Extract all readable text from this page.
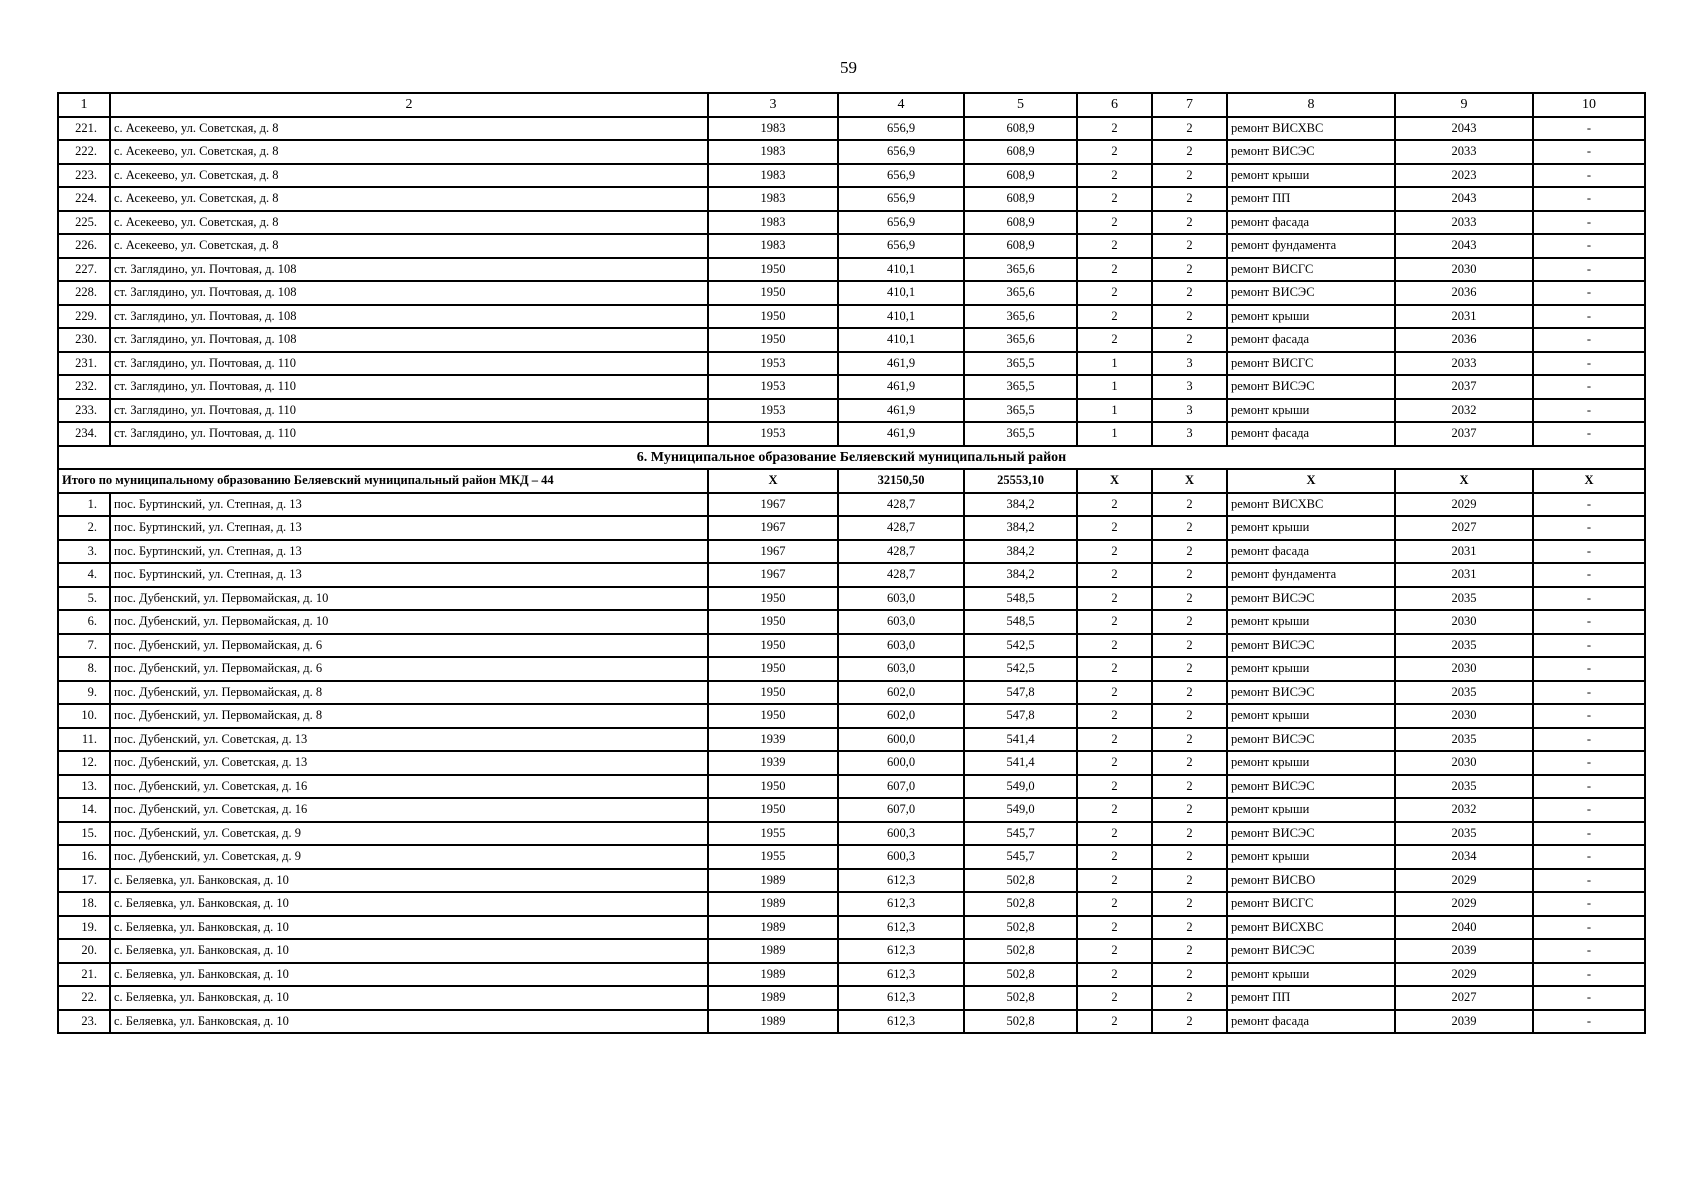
59
1	2	3	4	5	6	7	8	9	10
221.	с. Асекеево, ул. Советская, д. 8	1983	656,9	608,9	2	2	ремонт ВИСХВС	2043	-
222.	с. Асекеево, ул. Советская, д. 8	1983	656,9	608,9	2	2	ремонт ВИСЭС	2033	-
223.	с. Асекеево, ул. Советская, д. 8	1983	656,9	608,9	2	2	ремонт крыши	2023	-
224.	с. Асекеево, ул. Советская, д. 8	1983	656,9	608,9	2	2	ремонт ПП	2043	-
225.	с. Асекеево, ул. Советская, д. 8	1983	656,9	608,9	2	2	ремонт фасада	2033	-
226.	с. Асекеево, ул. Советская, д. 8	1983	656,9	608,9	2	2	ремонт фундамента	2043	-
227.	ст. Заглядино, ул. Почтовая, д. 108	1950	410,1	365,6	2	2	ремонт ВИСГС	2030	-
228.	ст. Заглядино, ул. Почтовая, д. 108	1950	410,1	365,6	2	2	ремонт ВИСЭС	2036	-
229.	ст. Заглядино, ул. Почтовая, д. 108	1950	410,1	365,6	2	2	ремонт крыши	2031	-
230.	ст. Заглядино, ул. Почтовая, д. 108	1950	410,1	365,6	2	2	ремонт фасада	2036	-
231.	ст. Заглядино, ул. Почтовая, д. 110	1953	461,9	365,5	1	3	ремонт ВИСГС	2033	-
232.	ст. Заглядино, ул. Почтовая, д. 110	1953	461,9	365,5	1	3	ремонт ВИСЭС	2037	-
233.	ст. Заглядино, ул. Почтовая, д. 110	1953	461,9	365,5	1	3	ремонт крыши	2032	-
234.	ст. Заглядино, ул. Почтовая, д. 110	1953	461,9	365,5	1	3	ремонт фасада	2037	-
6. Муниципальное образование Беляевский муниципальный район									
Итого по муниципальному образованию Беляевский муниципальный район МКД – 44		X	32150,50	25553,10	X	X	X	X	X
1.	пос. Буртинский, ул. Степная, д. 13	1967	428,7	384,2	2	2	ремонт ВИСХВС	2029	-
2.	пос. Буртинский, ул. Степная, д. 13	1967	428,7	384,2	2	2	ремонт крыши	2027	-
3.	пос. Буртинский, ул. Степная, д. 13	1967	428,7	384,2	2	2	ремонт фасада	2031	-
4.	пос. Буртинский, ул. Степная, д. 13	1967	428,7	384,2	2	2	ремонт фундамента	2031	-
5.	пос. Дубенский, ул. Первомайская, д. 10	1950	603,0	548,5	2	2	ремонт ВИСЭС	2035	-
6.	пос. Дубенский, ул. Первомайская, д. 10	1950	603,0	548,5	2	2	ремонт крыши	2030	-
7.	пос. Дубенский, ул. Первомайская, д. 6	1950	603,0	542,5	2	2	ремонт ВИСЭС	2035	-
8.	пос. Дубенский, ул. Первомайская, д. 6	1950	603,0	542,5	2	2	ремонт крыши	2030	-
9.	пос. Дубенский, ул. Первомайская, д. 8	1950	602,0	547,8	2	2	ремонт ВИСЭС	2035	-
10.	пос. Дубенский, ул. Первомайская, д. 8	1950	602,0	547,8	2	2	ремонт крыши	2030	-
11.	пос. Дубенский, ул. Советская, д. 13	1939	600,0	541,4	2	2	ремонт ВИСЭС	2035	-
12.	пос. Дубенский, ул. Советская, д. 13	1939	600,0	541,4	2	2	ремонт крыши	2030	-
13.	пос. Дубенский, ул. Советская, д. 16	1950	607,0	549,0	2	2	ремонт ВИСЭС	2035	-
14.	пос. Дубенский, ул. Советская, д. 16	1950	607,0	549,0	2	2	ремонт крыши	2032	-
15.	пос. Дубенский, ул. Советская, д. 9	1955	600,3	545,7	2	2	ремонт ВИСЭС	2035	-
16.	пос. Дубенский, ул. Советская, д. 9	1955	600,3	545,7	2	2	ремонт крыши	2034	-
17.	с. Беляевка, ул. Банковская, д. 10	1989	612,3	502,8	2	2	ремонт ВИСВО	2029	-
18.	с. Беляевка, ул. Банковская, д. 10	1989	612,3	502,8	2	2	ремонт ВИСГС	2029	-
19.	с. Беляевка, ул. Банковская, д. 10	1989	612,3	502,8	2	2	ремонт ВИСХВС	2040	-
20.	с. Беляевка, ул. Банковская, д. 10	1989	612,3	502,8	2	2	ремонт ВИСЭС	2039	-
21.	с. Беляевка, ул. Банковская, д. 10	1989	612,3	502,8	2	2	ремонт крыши	2029	-
22.	с. Беляевка, ул. Банковская, д. 10	1989	612,3	502,8	2	2	ремонт ПП	2027	-
23.	с. Беляевка, ул. Банковская, д. 10	1989	612,3	502,8	2	2	ремонт фасада	2039	-
